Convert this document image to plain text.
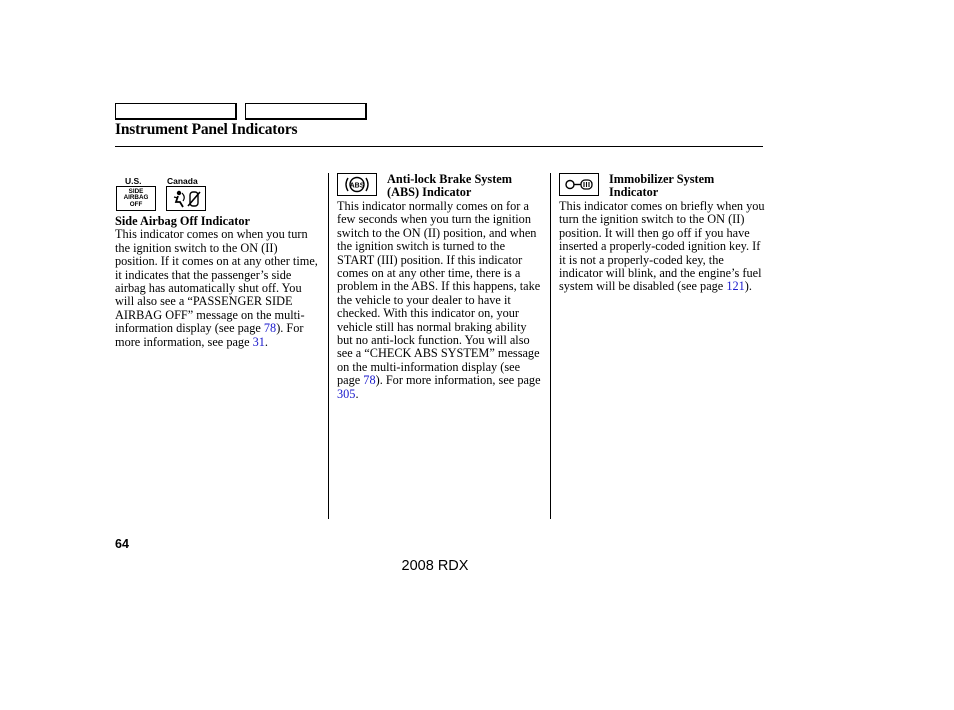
Instrument Panel Indicators
U.S.	Canada
SIDE
AIRBAG
OFF
Side Airbag Off Indicator

This indicator comes on when you turn the ignition switch to the ON (II) position. If it comes on at any other time, it indicates that the passenger’s side airbag has automatically shut off. You will also see a “PASSENGER SIDE AIRBAG OFF” message on the multi-information display (see page 78). For more information, see page 31.

ABS Anti-lock Brake System
(ABS) Indicator

This indicator normally comes on for a few seconds when you turn the ignition switch to the ON (II) position, and when the ignition switch is turned to the START (III) position. If this indicator comes on at any other time, there is a problem in the ABS. If this happens, take the vehicle to your dealer to have it checked. With this indicator on, your vehicle still has normal braking ability but no anti-lock function. You will also see a “CHECK ABS SYSTEM” message on the multi-information display (see page 78). For more information, see page 305.

Immobilizer System
Indicator

This indicator comes on briefly when you turn the ignition switch to the ON (II) position. It will then go off if you have inserted a properly-coded ignition key. If it is not a properly-coded key, the indicator will blink, and the engine’s fuel system will be disabled (see page 121).

64
2008 RDX
